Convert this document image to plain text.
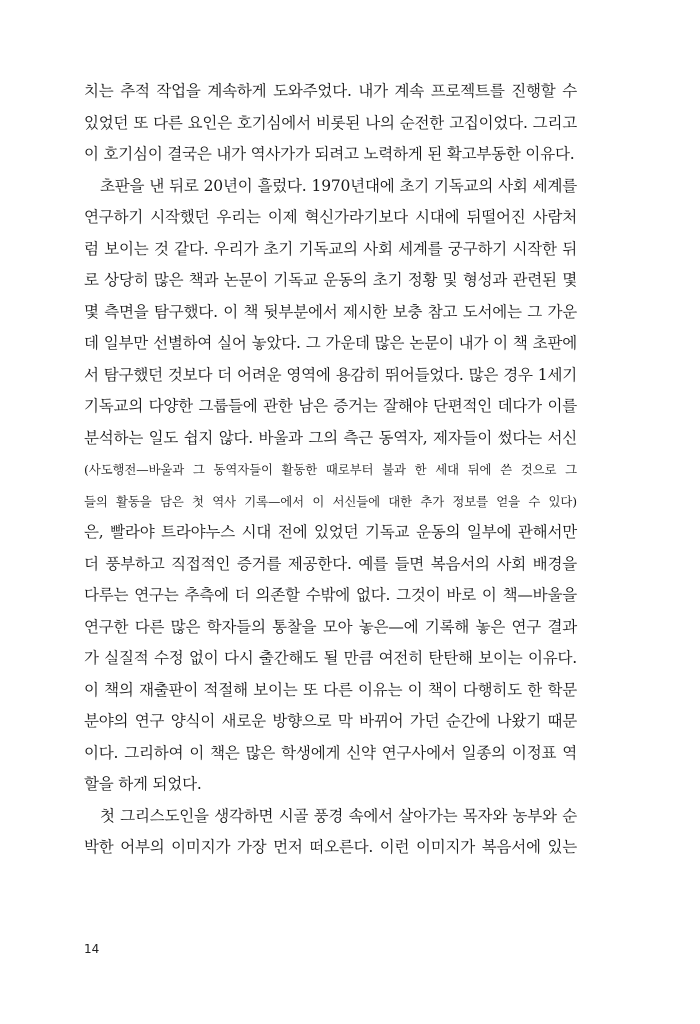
치는 추적 작업을 계속하게 도와주었다. 내가 계속 프로젝트를 진행할 수
있었던 또 다른 요인은 호기심에서 비롯된 나의 순전한 고집이었다. 그리고
이 호기심이 결국은 내가 역사가가 되려고 노력하게 된 확고부동한 이유다.
초판을 낸 뒤로 20년이 흘렀다. 1970년대에 초기 기독교의 사회 세계를
연구하기 시작했던 우리는 이제 혁신가라기보다 시대에 뒤떨어진 사람처
럼 보이는 것 같다. 우리가 초기 기독교의 사회 세계를 궁구하기 시작한 뒤
로 상당히 많은 책과 논문이 기독교 운동의 초기 정황 및 형성과 관련된 몇
몇 측면을 탐구했다. 이 책 뒷부분에서 제시한 보충 참고 도서에는 그 가운
데 일부만 선별하여 실어 놓았다. 그 가운데 많은 논문이 내가 이 책 초판에
서 탐구했던 것보다 더 어려운 영역에 용감히 뛰어들었다. 많은 경우 1세기
기독교의 다양한 그룹들에 관한 남은 증거는 잘해야 단편적인 데다가 이를
분석하는 일도 쉽지 않다. 바울과 그의 측근 동역자, 제자들이 썼다는 서신
(사도행전—바울과 그 동역자들이 활동한 때로부터 불과 한 세대 뒤에 쓴 것으로 그
들의 활동을 담은 첫 역사 기록—에서 이 서신들에 대한 추가 정보를 얻을 수 있다)
은, 빨라야 트라야누스 시대 전에 있었던 기독교 운동의 일부에 관해서만
더 풍부하고 직접적인 증거를 제공한다. 예를 들면 복음서의 사회 배경을
다루는 연구는 추측에 더 의존할 수밖에 없다. 그것이 바로 이 책—바울을
연구한 다른 많은 학자들의 통찰을 모아 놓은—에 기록해 놓은 연구 결과
가 실질적 수정 없이 다시 출간해도 될 만큼 여전히 탄탄해 보이는 이유다.
이 책의 재출판이 적절해 보이는 또 다른 이유는 이 책이 다행히도 한 학문
분야의 연구 양식이 새로운 방향으로 막 바뀌어 가던 순간에 나왔기 때문
이다. 그리하여 이 책은 많은 학생에게 신약 연구사에서 일종의 이정표 역
할을 하게 되었다.
첫 그리스도인을 생각하면 시골 풍경 속에서 살아가는 목자와 농부와 순
박한 어부의 이미지가 가장 먼저 떠오른다. 이런 이미지가 복음서에 있는
14
